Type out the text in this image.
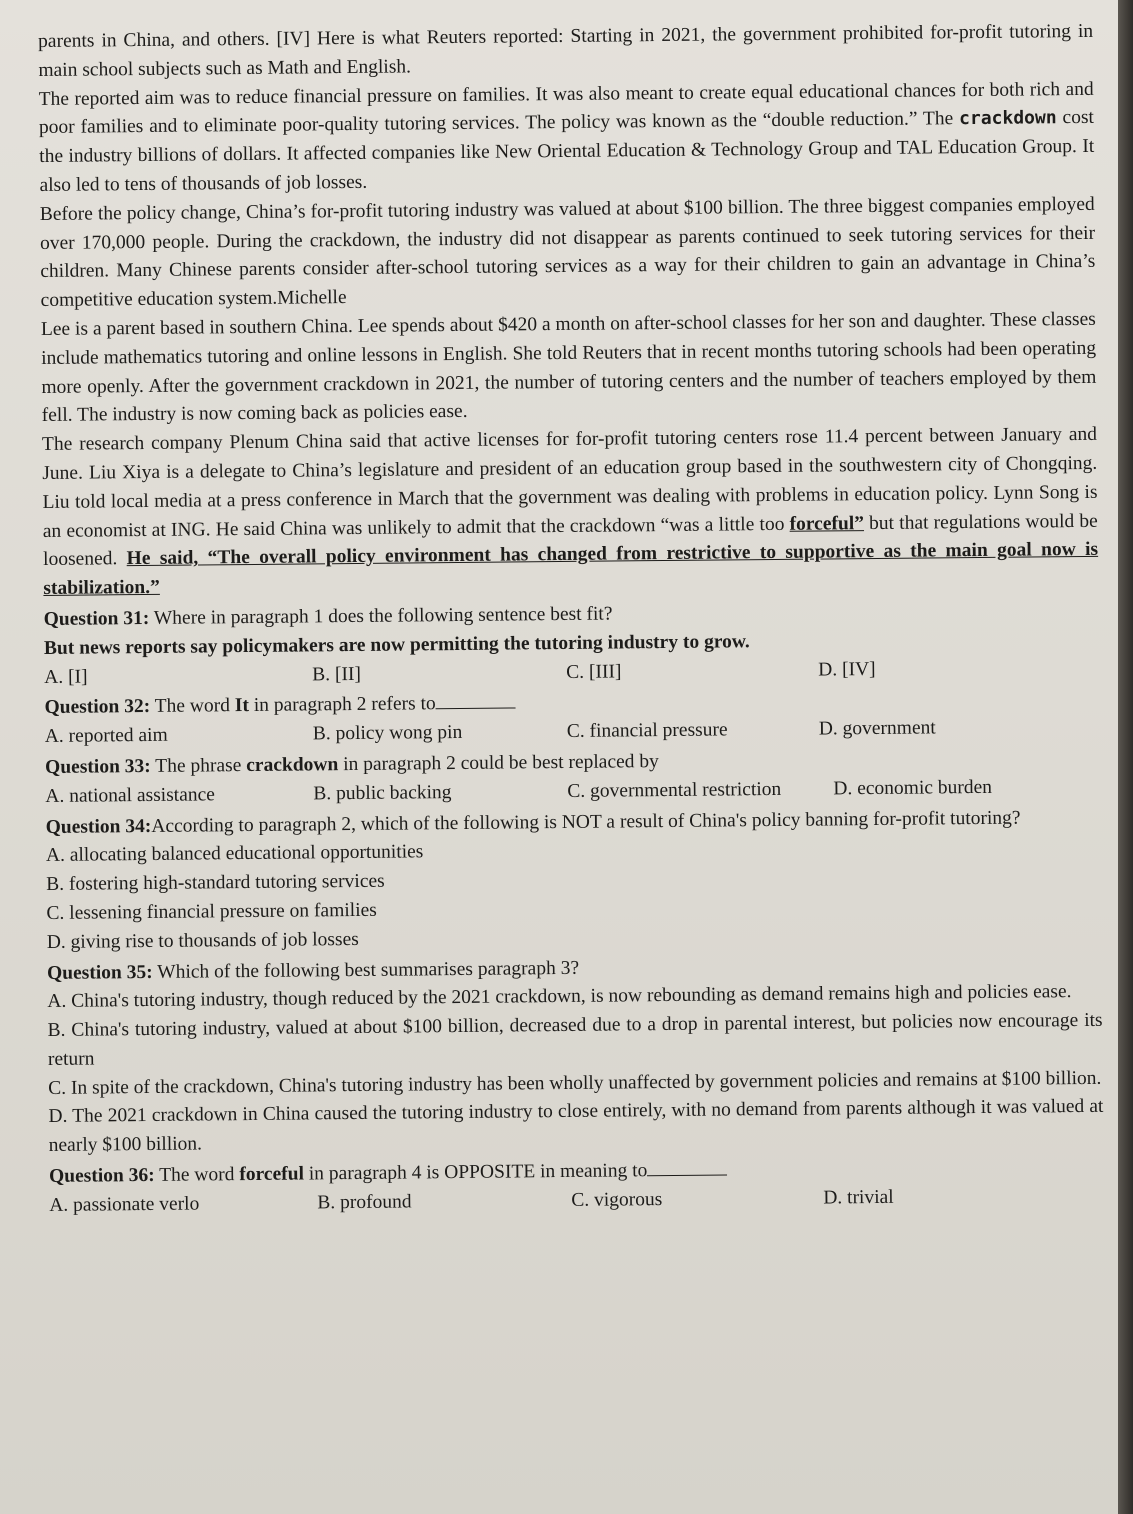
parents in China, and others. [IV] Here is what Reuters reported: Starting in 2021, the government prohibited for-profit tutoring in main school subjects such as Math and English.

The reported aim was to reduce financial pressure on families. It was also meant to create equal educational chances for both rich and poor families and to eliminate poor-quality tutoring services. The policy was known as the “double reduction.” The crackdown cost the industry billions of dollars. It affected companies like New Oriental Education & Technology Group and TAL Education Group. It also led to tens of thousands of job losses.

Before the policy change, China’s for-profit tutoring industry was valued at about $100 billion. The three biggest companies employed over 170,000 people. During the crackdown, the industry did not disappear as parents continued to seek tutoring services for their children. Many Chinese parents consider after-school tutoring services as a way for their children to gain an advantage in China’s competitive education system.Michelle

Lee is a parent based in southern China. Lee spends about $420 a month on after-school classes for her son and daughter. These classes include mathematics tutoring and online lessons in English. She told Reuters that in recent months tutoring schools had been operating more openly. After the government crackdown in 2021, the number of tutoring centers and the number of teachers employed by them fell. The industry is now coming back as policies ease.

The research company Plenum China said that active licenses for for-profit tutoring centers rose 11.4 percent between January and June. Liu Xiya is a delegate to China’s legislature and president of an education group based in the southwestern city of Chongqing. Liu told local media at a press conference in March that the government was dealing with problems in education policy. Lynn Song is an economist at ING. He said China was unlikely to admit that the crackdown “was a little too forceful” but that regulations would be loosened. He said, “The overall policy environment has changed from restrictive to supportive as the main goal now is stabilization.”

Question 31: Where in paragraph 1 does the following sentence best fit?

But news reports say policymakers are now permitting the tutoring industry to grow.

A. [I]	B. [II]	C. [III]	D. [IV]

Question 32: The word It in paragraph 2 refers to

A. reported aim	B. policy wong pin	C. financial pressure	D. government

Question 33: The phrase crackdown in paragraph 2 could be best replaced by

A. national assistance	B. public backing	C. governmental restriction	D. economic burden

Question 34:According to paragraph 2, which of the following is NOT a result of China's policy banning for-profit tutoring?

A. allocating balanced educational opportunities
B. fostering high-standard tutoring services
C. lessening financial pressure on families
D. giving rise to thousands of job losses

Question 35: Which of the following best summarises paragraph 3?

A. China's tutoring industry, though reduced by the 2021 crackdown, is now rebounding as demand remains high and policies ease.

B. China's tutoring industry, valued at about $100 billion, decreased due to a drop in parental interest, but policies now encourage its return

C. In spite of the crackdown, China's tutoring industry has been wholly unaffected by government policies and remains at $100 billion.

D. The 2021 crackdown in China caused the tutoring industry to close entirely, with no demand from parents although it was valued at nearly $100 billion.

Question 36: The word forceful in paragraph 4 is OPPOSITE in meaning to

A. passionate verlo	B. profound	C. vigorous	D. trivial
